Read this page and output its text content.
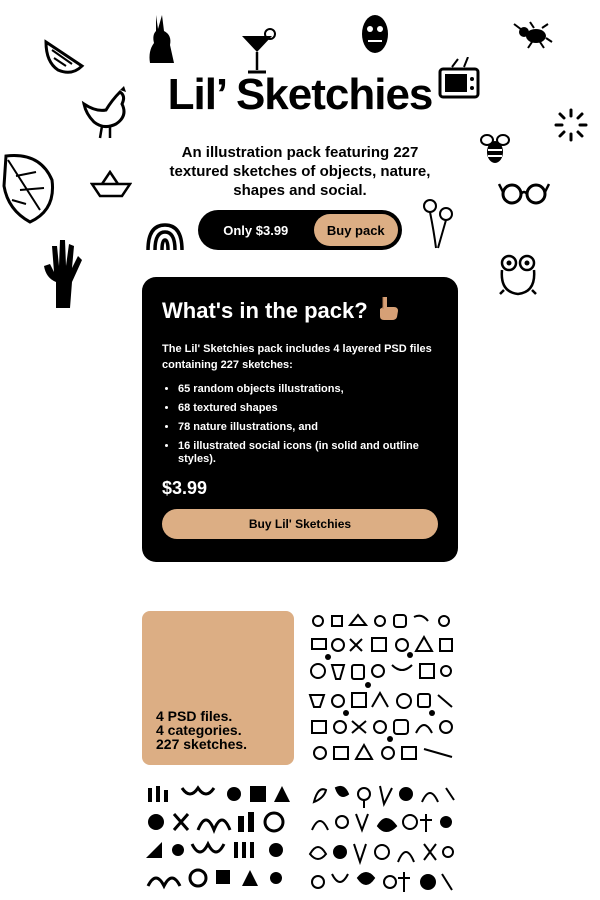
Lil’ Sketchies

An illustration pack featuring 227 textured sketches of objects, nature, shapes and social.

Only $3.99	Buy pack
What's in the pack?

The Lil' Sketchies pack includes 4 layered PSD files containing 227 sketches:

• 65 random objects illustrations,
• 68 textured shapes
• 78 nature illustrations, and
• 16 illustrated social icons (in solid and outline styles).
$3.99
Buy Lil' Sketchies
4 PSD files.
4 categories.
227 sketches.
